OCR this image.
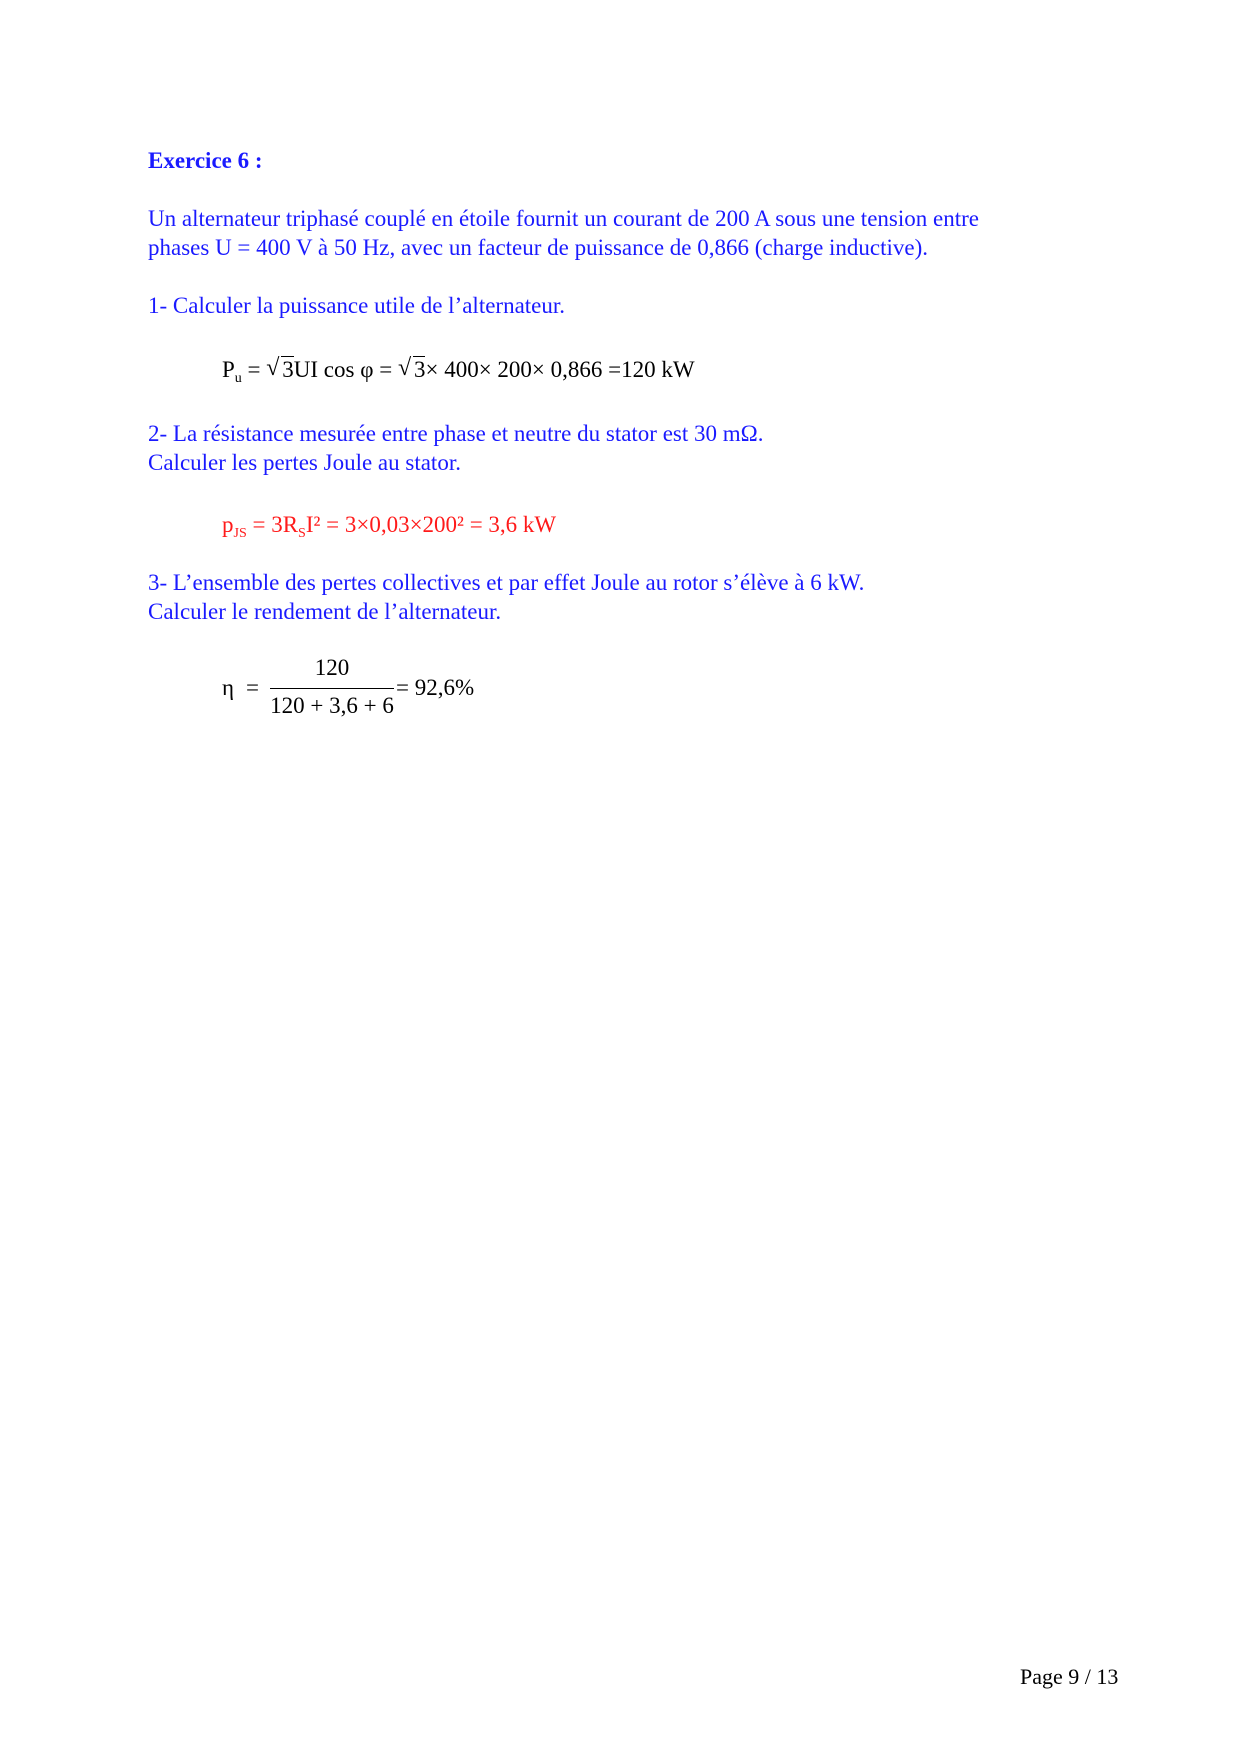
Exercice 6 :
Un alternateur triphasé couplé en étoile fournit un courant de 200 A sous une tension entre
phases U = 400 V à 50 Hz, avec un facteur de puissance de 0,866 (charge inductive).
1- Calculer la puissance utile de l’alternateur.
$P_u$ = √ 3UI cos φ = √ 3× 400× 200× 0,866 =120 kW
2- La résistance mesurée entre phase et neutre du stator est 30 mΩ.
Calculer les pertes Joule au stator.
$p_{JS} = 3R_SI^2 = 3\times 0,03\times 200^2 = 3,6$ kW
3- L’ensemble des pertes collectives et par effet Joule au rotor s’élève à 6 kW.
Calculer le rendement de l’alternateur.
η =
120
120 + 3,6 + 6
= 92,6%
Page 9 / 13
